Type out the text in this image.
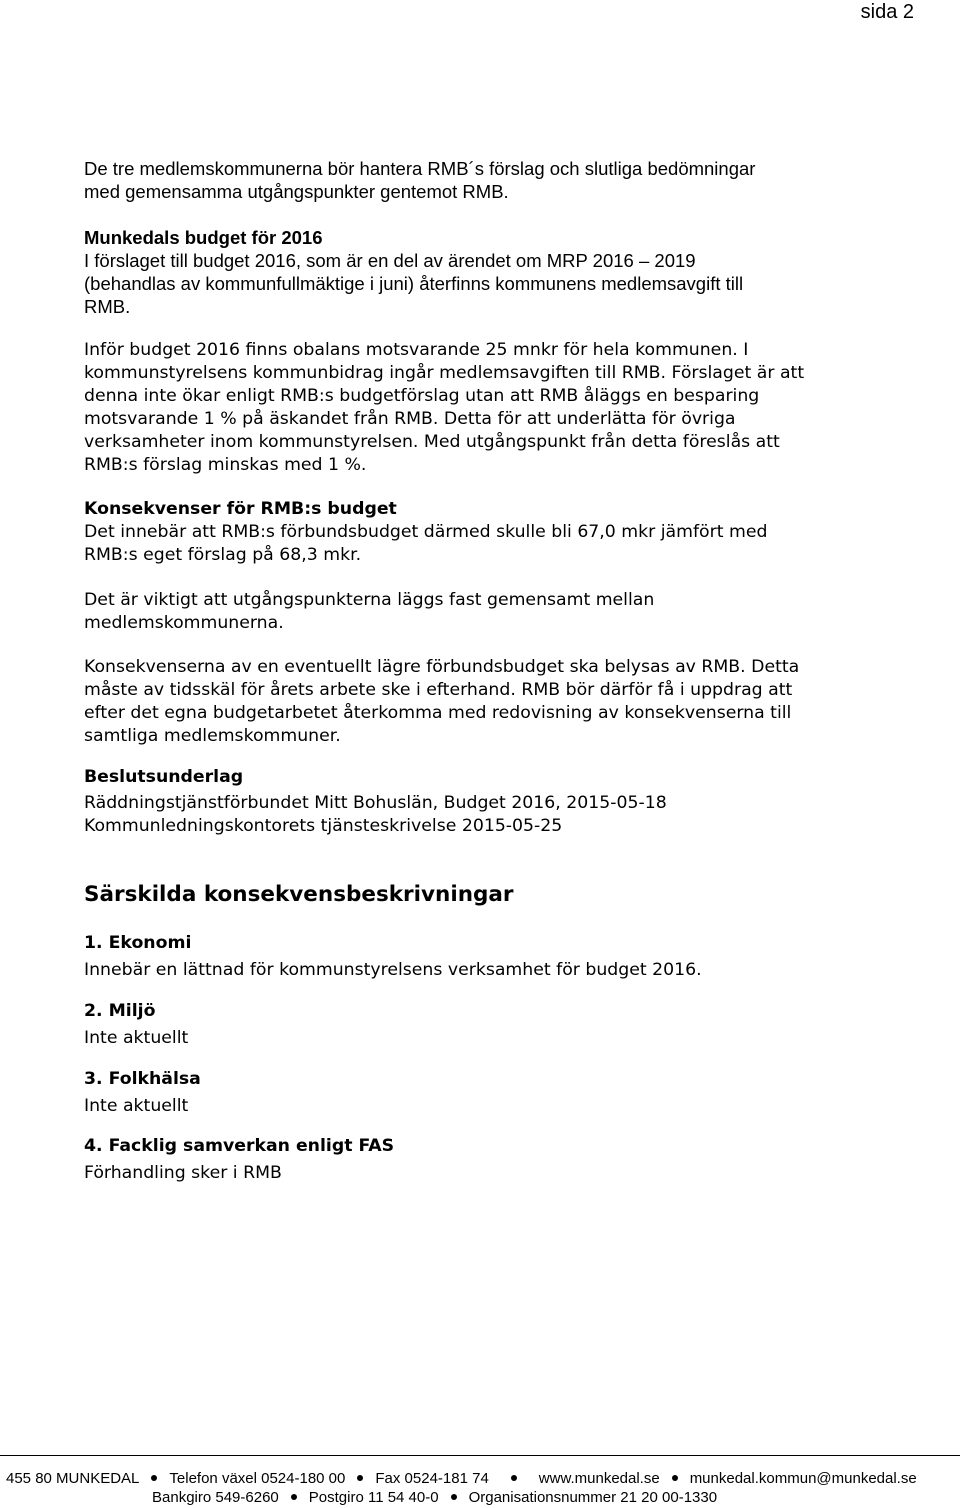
sida 2
De tre medlemskommunerna bör hantera RMB´s förslag och slutliga bedömningar
med gemensamma utgångspunkter gentemot RMB.
Munkedals budget för 2016
I förslaget till budget 2016, som är en del av ärendet om MRP 2016 – 2019
(behandlas av kommunfullmäktige i juni) återfinns kommunens medlemsavgift till
RMB.
Inför budget 2016 finns obalans motsvarande 25 mnkr för hela kommunen. I
kommunstyrelsens kommunbidrag ingår medlemsavgiften till RMB. Förslaget är att
denna inte ökar enligt RMB:s budgetförslag utan att RMB åläggs en besparing
motsvarande 1 % på äskandet från RMB. Detta för att underlätta för övriga
verksamheter inom kommunstyrelsen. Med utgångspunkt från detta föreslås att
RMB:s förslag minskas med 1 %.
Konsekvenser för RMB:s budget
Det innebär att RMB:s förbundsbudget därmed skulle bli 67,0 mkr jämfört med
RMB:s eget förslag på 68,3 mkr.
Det är viktigt att utgångspunkterna läggs fast gemensamt mellan
medlemskommunerna.
Konsekvenserna av en eventuellt lägre förbundsbudget ska belysas av RMB. Detta
måste av tidsskäl för årets arbete ske i efterhand. RMB bör därför få i uppdrag att
efter det egna budgetarbetet återkomma med redovisning av konsekvenserna till
samtliga medlemskommuner.
Beslutsunderlag
Räddningstjänstförbundet Mitt Bohuslän, Budget 2016, 2015-05-18
Kommunledningskontorets tjänsteskrivelse 2015-05-25
Särskilda konsekvensbeskrivningar
1. Ekonomi
Innebär en lättnad för kommunstyrelsens verksamhet för budget 2016.
2. Miljö
Inte aktuellt
3. Folkhälsa
Inte aktuellt
4. Facklig samverkan enligt FAS
Förhandling sker i RMB
455 80 MUNKEDAL Telefon växel 0524-180 00 Fax 0524-181 74	www.munkedal.se munkedal.kommun@munkedal.se
Bankgiro 549-6260 Postgiro 11 54 40-0 Organisationsnummer 21 20 00-1330
